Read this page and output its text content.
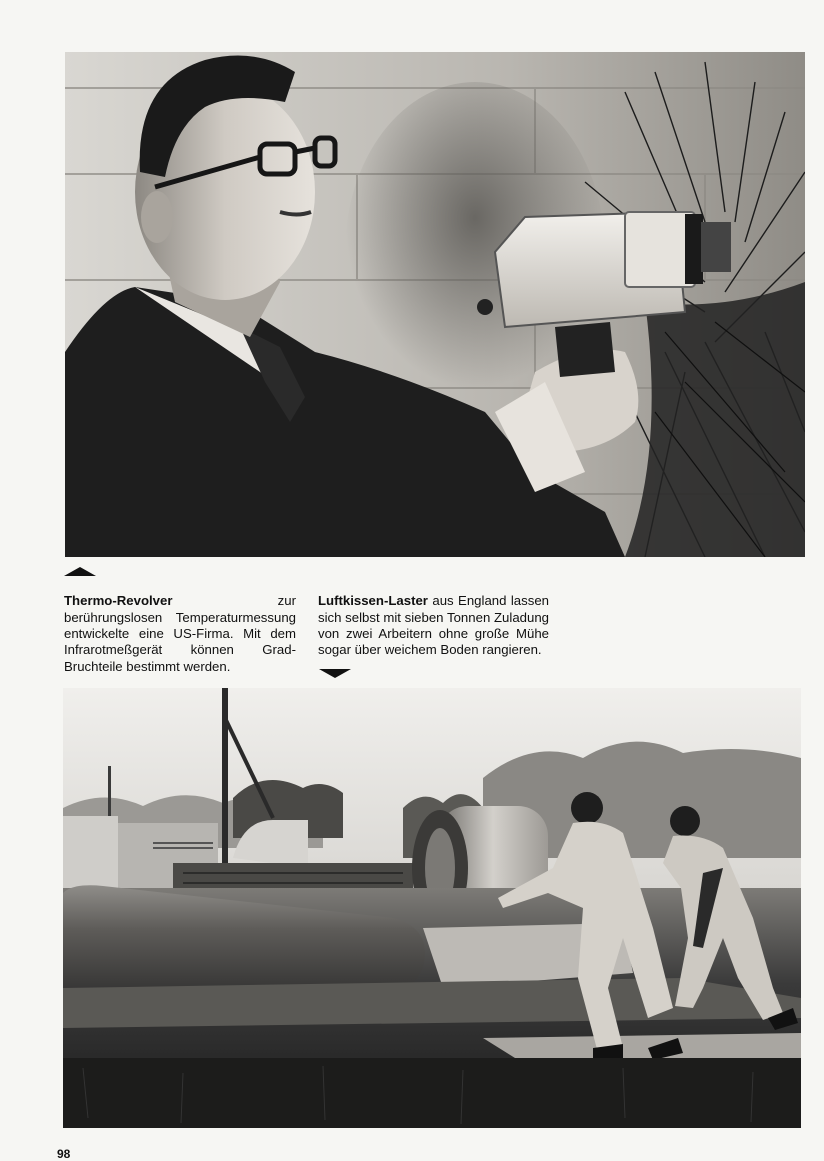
Thermo-Revolver zur berührungslosen Temperaturmessung entwickelte eine US-Firma. Mit dem Infrarotmeßgerät können Grad-Bruchteile bestimmt werden.

Luftkissen-Laster aus England lassen sich selbst mit sieben Tonnen Zuladung von zwei Arbeitern ohne große Mühe sogar über weichem Boden rangieren.

98
